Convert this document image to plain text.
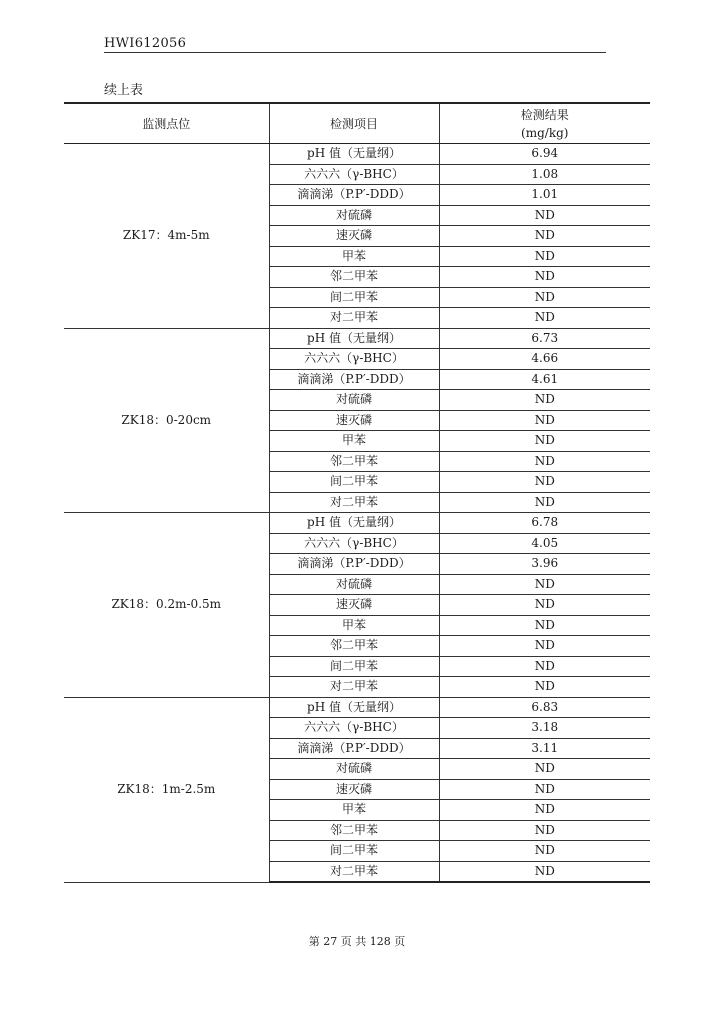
HWI612056
续上表
监测点位	检测项目	检测结果
(mg/kg)

ZK17：4m-5m	pH 值（无量纲）	6.94
	六六六（γ-BHC）	1.08
	滴滴涕（P.P′-DDD）	1.01
	对硫磷	ND
	速灭磷	ND
	甲苯	ND
	邻二甲苯	ND
	间二甲苯	ND
	对二甲苯	ND
ZK18：0-20cm	pH 值（无量纲）	6.73
	六六六（γ-BHC）	4.66
	滴滴涕（P.P′-DDD）	4.61
	对硫磷	ND
	速灭磷	ND
	甲苯	ND
	邻二甲苯	ND
	间二甲苯	ND
	对二甲苯	ND
ZK18：0.2m-0.5m	pH 值（无量纲）	6.78
	六六六（γ-BHC）	4.05
	滴滴涕（P.P′-DDD）	3.96
	对硫磷	ND
	速灭磷	ND
	甲苯	ND
	邻二甲苯	ND
	间二甲苯	ND
	对二甲苯	ND
ZK18：1m-2.5m	pH 值（无量纲）	6.83
	六六六（γ-BHC）	3.18
	滴滴涕（P.P′-DDD）	3.11
	对硫磷	ND
	速灭磷	ND
	甲苯	ND
	邻二甲苯	ND
	间二甲苯	ND
	对二甲苯	ND
第 27 页 共 128 页
